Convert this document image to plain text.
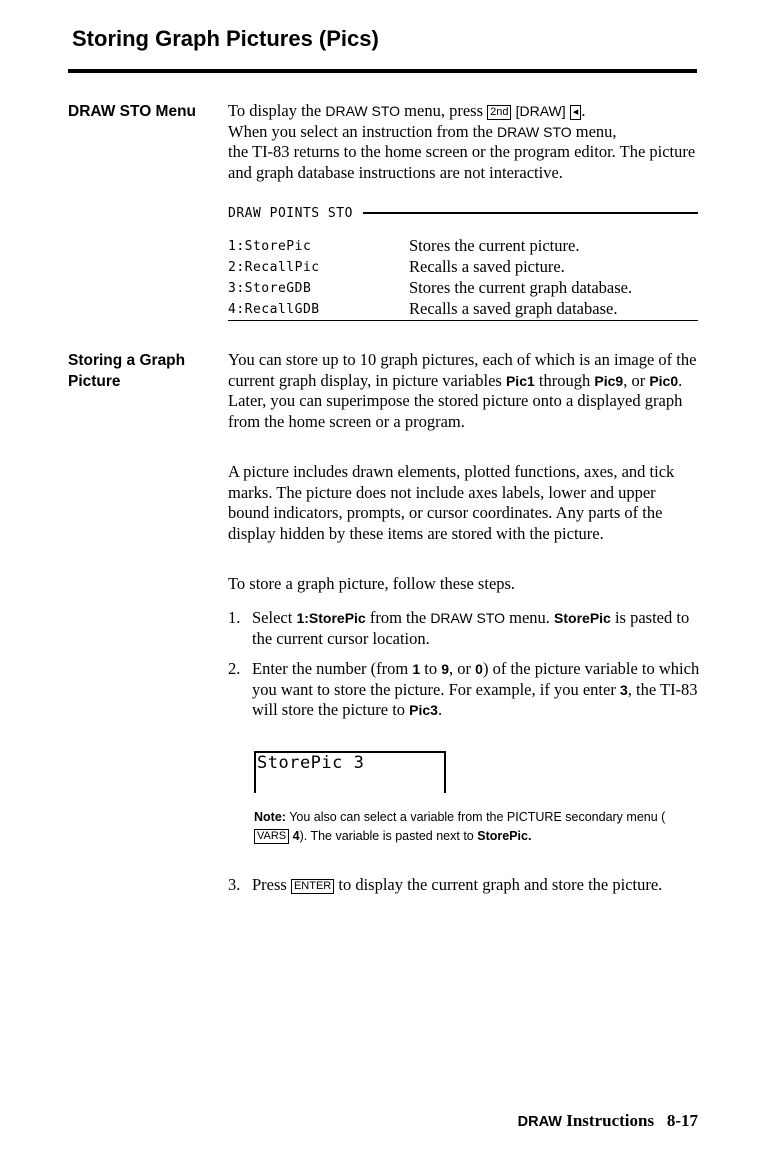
Storing Graph Pictures (Pics)
DRAW STO Menu	To display the DRAW STO menu, press 2nd [DRAW] ◂ .

When you select an instruction from the DRAW STO menu,

the TI-83 returns to the home screen or the program editor. The picture and graph database instructions are not interactive.

DRAW POINTS STO
1:StorePic	Stores the current picture.
2:RecallPic	Recalls a saved picture.
3:StoreGDB	Stores the current graph database.
4:RecallGDB	Recalls a saved graph database.
Storing a Graph Picture

You can store up to 10 graph pictures, each of which is an image of the current graph display, in picture variables Pic1 through Pic9, or Pic0. Later, you can superimpose the stored picture onto a displayed graph from the home screen or a program.

A picture includes drawn elements, plotted functions, axes, and tick marks. The picture does not include axes labels, lower and upper bound indicators, prompts, or cursor coordinates. Any parts of the display hidden by these items are stored with the picture.

To store a graph picture, follow these steps.

1. Select 1:StorePic from the DRAW STO menu. StorePic is pasted to the current cursor location.
2. Enter the number (from 1 to 9, or 0) of the picture variable to which you want to store the picture. For example, if you enter 3, the TI-83 will store the picture to Pic3.
StorePic 3
Note: You also can select a variable from the PICTURE secondary menu (VARS 4). The variable is pasted next to StorePic.
3. Press ENTER to display the current graph and store the picture.
DRAW Instructions 8-17
